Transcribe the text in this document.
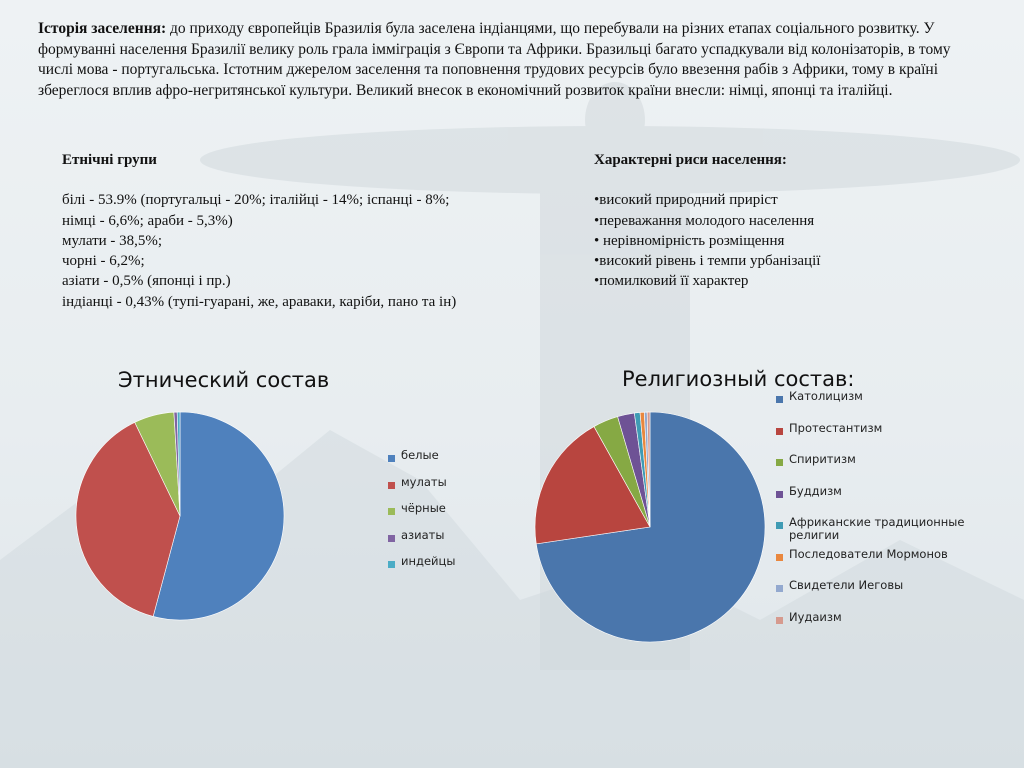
Історія заселення: до приходу європейців Бразилія була заселена індіанцями, що перебували на різних етапах соціального розвитку. У формуванні населення Бразилії велику роль грала імміграція з Європи та Африки. Бразильці багато успадкували від колонізаторів, в тому числі мова - португальська. Істотним джерелом заселення та поповнення трудових ресурсів було ввезення рабів з Африки, тому в країні збереглося вплив афро-негритянської культури. Великий внесок в економічний розвиток країни внесли: німці, японці та італійці.
Етнічні групи
білі - 53.9% (португальці - 20%; італійці - 14%; іспанці - 8%;
німці - 6,6%; араби - 5,3%)
мулати - 38,5%;
чорні - 6,2%;
азіати - 0,5% (японці і пр.)
індіанці - 0,43% (тупі-гуарані, же, араваки, каріби, пано та ін)
Характерні риси населення:
•високий природний приріст
•переважання молодого населення
• нерівномірність розміщення
•високий рівень і темпи урбанізації
•помилковий її характер
Этнический состав
белые
мулаты
чёрные
азиаты
индейцы
Религиозный состав:
Католицизм
Протестантизм
Спиритизм
Буддизм
Африканские традиционные религии
Последователи Мормонов
Свидетели Иеговы
Иудаизм
